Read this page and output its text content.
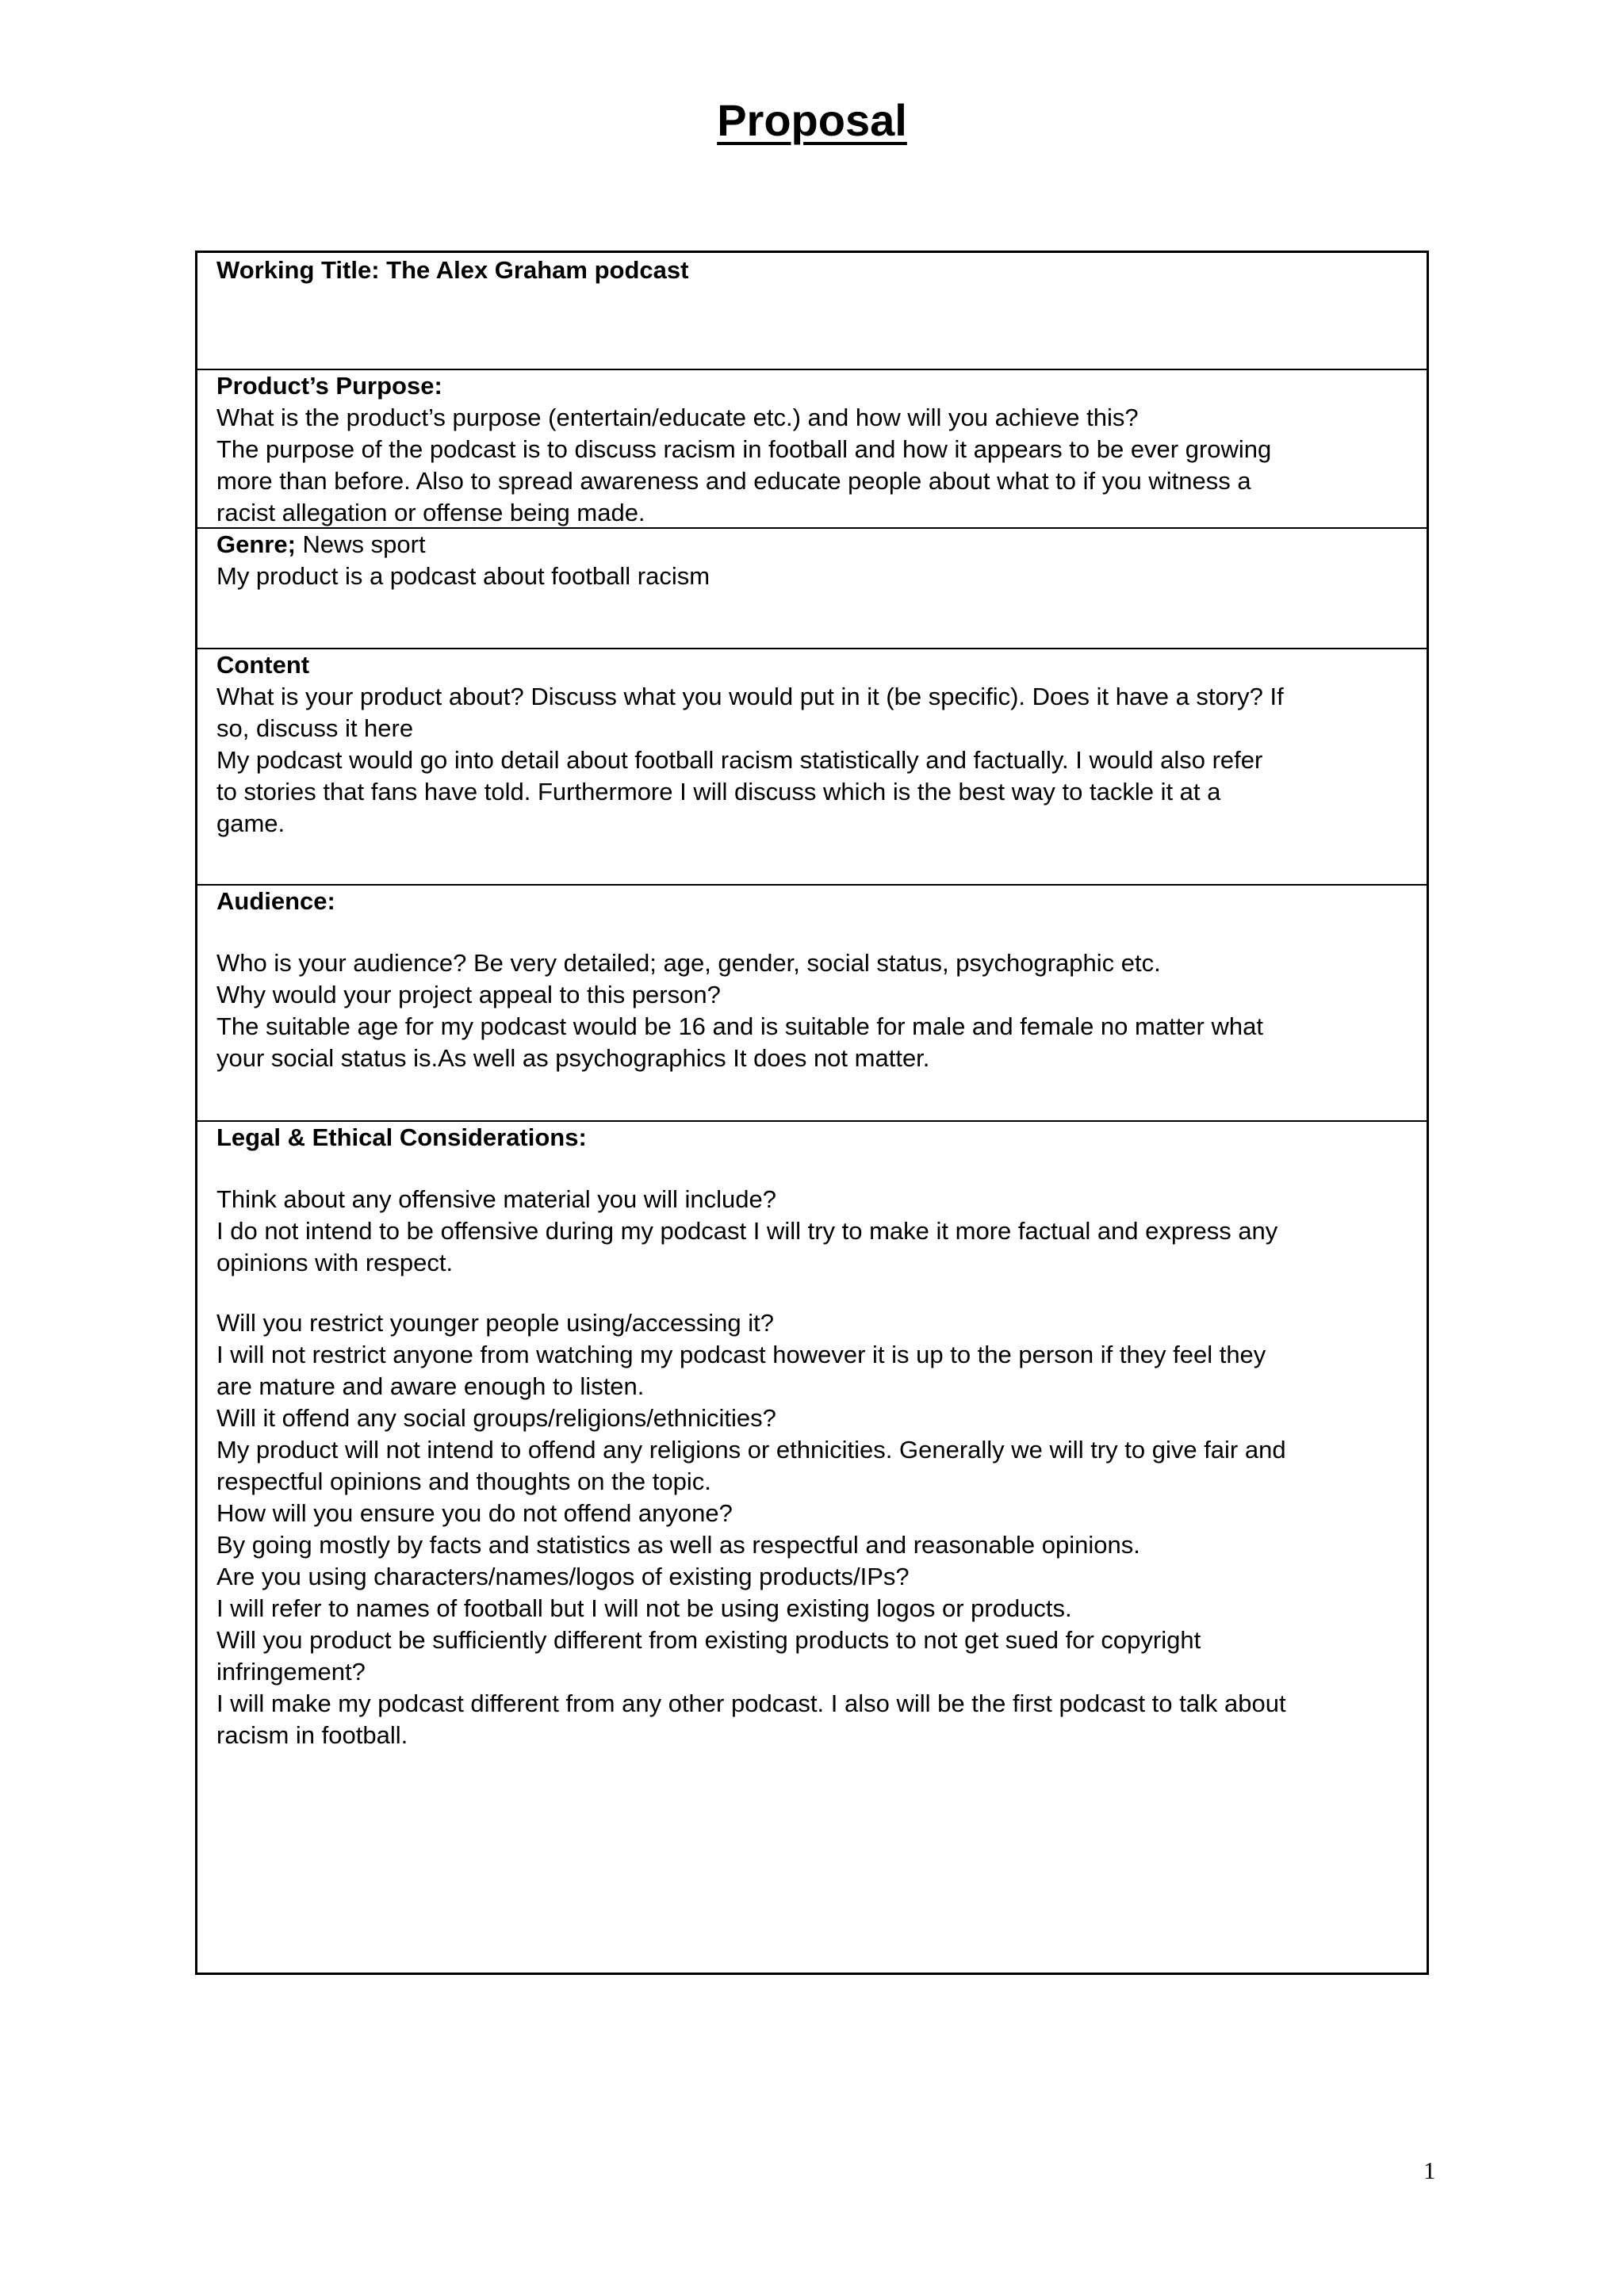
Proposal
Working Title: The Alex Graham podcast
Product’s Purpose:
What is the product’s purpose (entertain/educate etc.) and how will you achieve this?
The purpose of the podcast is to discuss racism in football and how it appears to be ever growing
more than before. Also to spread awareness and educate people about what to if you witness a
racist allegation or offense being made.
Genre; News sport
My product is a podcast about football racism
Content
What is your product about? Discuss what you would put in it (be specific). Does it have a story? If
so, discuss it here
My podcast would go into detail about football racism statistically and factually. I would also refer
to stories that fans have told. Furthermore I will discuss which is the best way to tackle it at a
game.
Audience:
Who is your audience? Be very detailed; age, gender, social status, psychographic etc.
Why would your project appeal to this person?
The suitable age for my podcast would be 16 and is suitable for male and female no matter what
your social status is.As well as psychographics It does not matter.
Legal & Ethical Considerations:
Think about any offensive material you will include?
I do not intend to be offensive during my podcast I will try to make it more factual and express any
opinions with respect.
Will you restrict younger people using/accessing it?
I will not restrict anyone from watching my podcast however it is up to the person if they feel they
are mature and aware enough to listen.
Will it offend any social groups/religions/ethnicities?
My product will not intend to offend any religions or ethnicities. Generally we will try to give fair and
respectful opinions and thoughts on the topic.
How will you ensure you do not offend anyone?
By going mostly by facts and statistics as well as respectful and reasonable opinions.
Are you using characters/names/logos of existing products/IPs?
I will refer to names of football but I will not be using existing logos or products.
Will you product be sufficiently different from existing products to not get sued for copyright
infringement?
I will make my podcast different from any other podcast. I also will be the first podcast to talk about
racism in football.
1
